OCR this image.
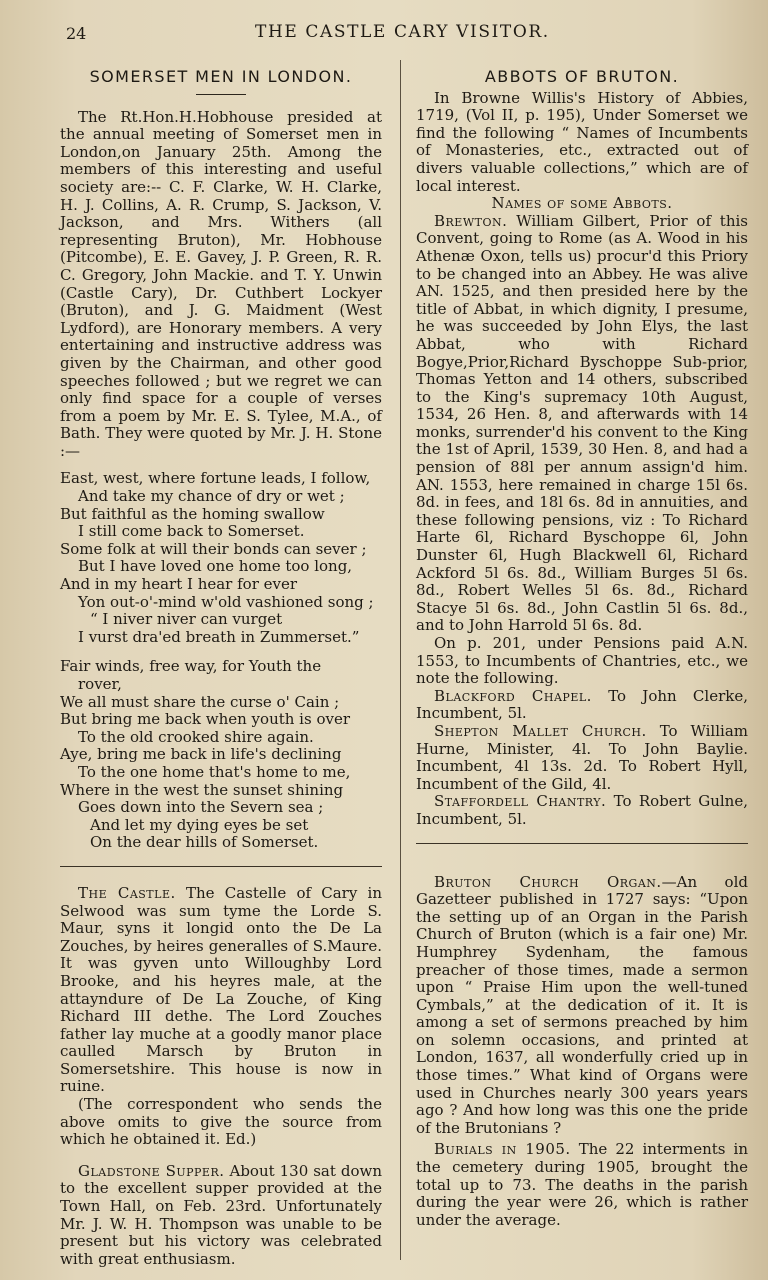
24	THE CASTLE CARY VISITOR.
SOMERSET MEN IN LONDON.

The Rt.Hon.H.Hobhouse presided at the annual meeting of Somerset men in London,on January 25th. Among the members of this interesting and useful society are:-- C. F. Clarke, W. H. Clarke, H. J. Collins, A. R. Crump, S. Jackson, V. Jackson, and Mrs. Withers (all representing Bruton), Mr. Hobhouse (Pitcombe), E. E. Gavey, J. P. Green, R. R. C. Gregory, John Mackie. and T. Y. Unwin (Castle Cary), Dr. Cuthbert Lockyer (Bruton), and J. G. Maidment (West Lydford), are Honorary members. A very entertaining and instructive address was given by the Chairman, and other good speeches followed ; but we regret we can only find space for a couple of verses from a poem by Mr. E. S. Tylee, M.A., of Bath. They were quoted by Mr. J. H. Stone :—

East, west, where fortune leads, I follow,
And take my chance of dry or wet ;
But faithful as the homing swallow
I still come back to Somerset.
Some folk at will their bonds can sever ;
But I have loved one home too long,
And in my heart I hear for ever
Yon out-o'-mind w'old vashioned song ;
“ I niver niver can vurget
I vurst dra'ed breath in Zummerset.”
Fair winds, free way, for Youth the
rover,
We all must share the curse o' Cain ;
But bring me back when youth is over
To the old crooked shire again.
Aye, bring me back in life's declining
To the one home that's home to me,
Where in the west the sunset shining
Goes down into the Severn sea ;
And let my dying eyes be set
On the dear hills of Somerset.

The Castle. The Castelle of Cary in Selwood was sum tyme the Lorde S. Maur, syns it longid onto the De La Zouches, by heires generalles of S.Maure. It was gyven unto Willoughby Lord Brooke, and his heyres male, at the attayndure of De La Zouche, of King Richard III dethe. The Lord Zouches father lay muche at a goodly manor place caulled Marsch by Bruton in Somersetshire. This house is now in ruine.

(The correspondent who sends the above omits to give the source from which he obtained it. Ed.)

Gladstone Supper. About 130 sat down to the excellent supper provided at the Town Hall, on Feb. 23rd. Unfortunately Mr. J. W. H. Thompson was unable to be present but his victory was celebrated with great enthusiasm.

ABBOTS OF BRUTON.

In Browne Willis's History of Abbies, 1719, (Vol II, p. 195), Under Somerset we find the following “ Names of Incumbents of Monasteries, etc., extracted out of divers valuable collections,” which are of local interest.

Names of some Abbots.

Brewton. William Gilbert, Prior of this Convent, going to Rome (as A. Wood in his Athenæ Oxon, tells us) procur'd this Priory to be changed into an Abbey. He was alive AN. 1525, and then presided here by the title of Abbat, in which dignity, I presume, he was succeeded by John Elys, the last Abbat, who with Richard Bogye,Prior,Richard Byschoppe Sub-prior, Thomas Yetton and 14 others, subscribed to the King's supremacy 10th August, 1534, 26 Hen. 8, and afterwards with 14 monks, surrender'd his convent to the King the 1st of April, 1539, 30 Hen. 8, and had a pension of 88l per annum assign'd him. AN. 1553, here remained in charge 15l 6s. 8d. in fees, and 18l 6s. 8d in annuities, and these following pensions, viz : To Richard Harte 6l, Richard Byschoppe 6l, John Dunster 6l, Hugh Blackwell 6l, Richard Ackford 5l 6s. 8d., William Burges 5l 6s. 8d., Robert Welles 5l 6s. 8d., Richard Stacye 5l 6s. 8d., John Castlin 5l 6s. 8d., and to John Harrold 5l 6s. 8d.

On p. 201, under Pensions paid A.N. 1553, to Incumbents of Chantries, etc., we note the following.

Blackford Chapel. To John Clerke, Incumbent, 5l.

Shepton Mallet Church. To William Hurne, Minister, 4l. To John Baylie. Incumbent, 4l 13s. 2d. To Robert Hyll, Incumbent of the Gild, 4l.

Staffordell Chantry. To Robert Gulne, Incumbent, 5l.

Bruton Church Organ.—An old Gazetteer published in 1727 says: “Upon the setting up of an Organ in the Parish Church of Bruton (which is a fair one) Mr. Humphrey Sydenham, the famous preacher of those times, made a sermon upon “ Praise Him upon the well-tuned Cymbals,” at the dedication of it. It is among a set of sermons preached by him on solemn occasions, and printed at London, 1637, all wonderfully cried up in those times.” What kind of Organs were used in Churches nearly 300 years years ago ? And how long was this one the pride of the Brutonians ?

Burials in 1905. The 22 interments in the cemetery during 1905, brought the total up to 73. The deaths in the parish during the year were 26, which is rather under the average.
